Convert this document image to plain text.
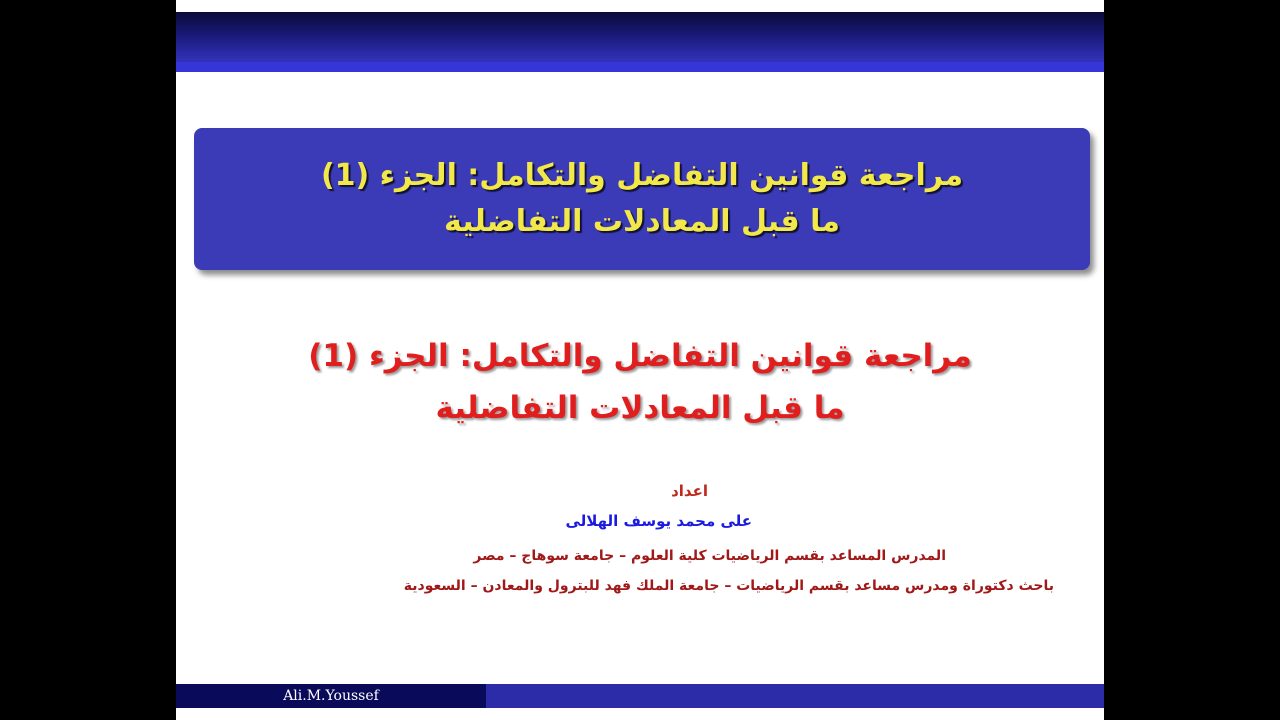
مراجعة قوانين التفاضل والتكامل: الجزء (1)
ما قبل المعادلات التفاضلية
مراجعة قوانين التفاضل والتكامل: الجزء (1)
ما قبل المعادلات التفاضلية
اعداد
على محمد يوسف الهلالى
المدرس المساعد بقسم الرياضيات كلية العلوم – جامعة سوهاج – مصر
باحث دكتوراة ومدرس مساعد بقسم الرياضيات – جامعة الملك فهد للبترول والمعادن – السعودية
Ali.M.Youssef
